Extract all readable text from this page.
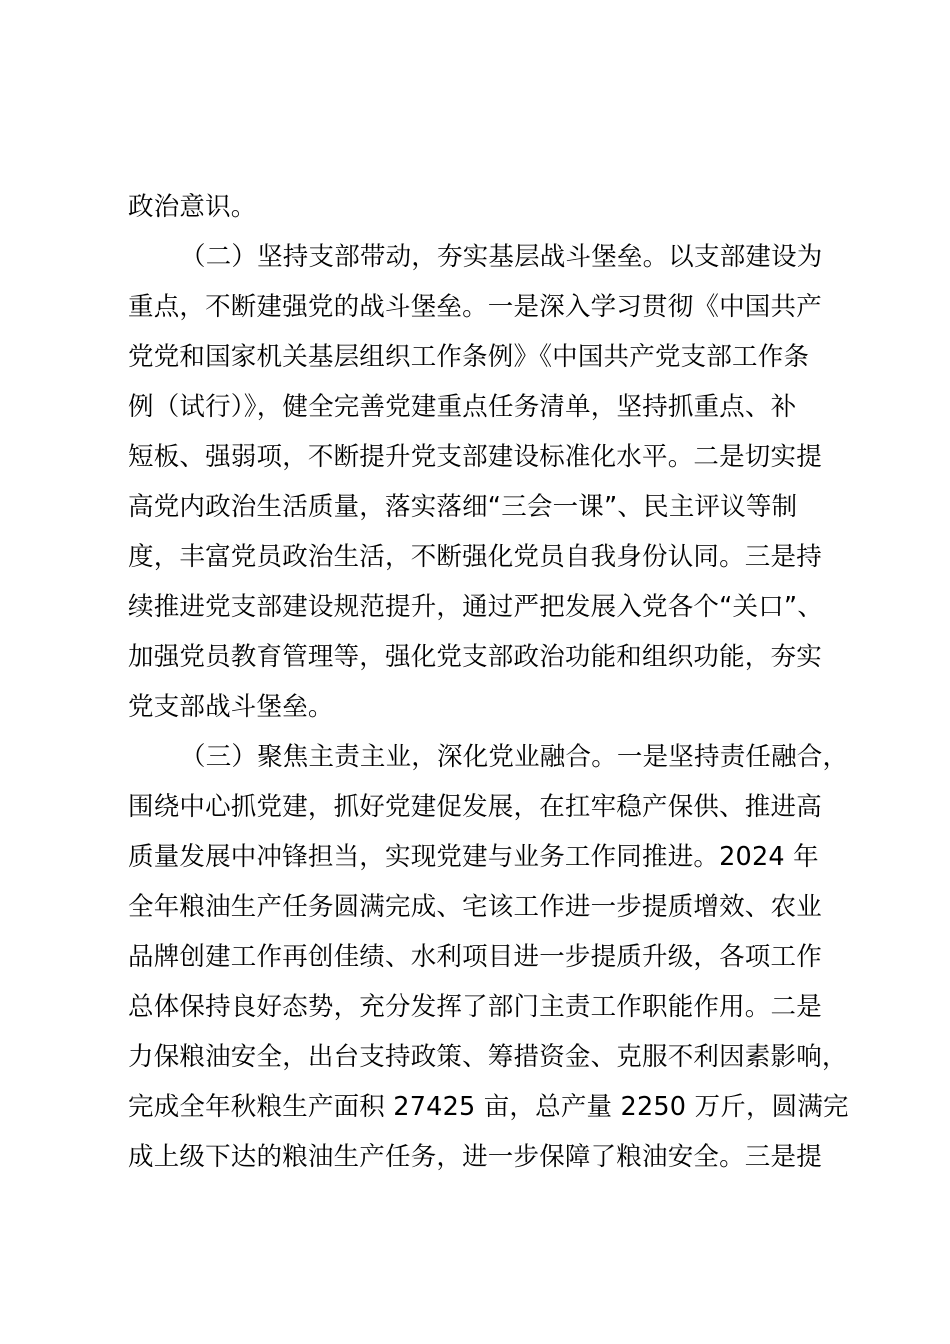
政治意识。
（二）坚持支部带动，夯实基层战斗堡垒。以支部建设为
重点，不断建强党的战斗堡垒。一是深入学习贯彻《中国共产
党党和国家机关基层组织工作条例》《中国共产党支部工作条
例（试行）》，健全完善党建重点任务清单，坚持抓重点、补
短板、强弱项，不断提升党支部建设标准化水平。二是切实提
高党内政治生活质量，落实落细“三会一课”、民主评议等制
度，丰富党员政治生活，不断强化党员自我身份认同。三是持
续推进党支部建设规范提升，通过严把发展入党各个“关口”、
加强党员教育管理等，强化党支部政治功能和组织功能，夯实
党支部战斗堡垒。
（三）聚焦主责主业，深化党业融合。一是坚持责任融合，
围绕中心抓党建，抓好党建促发展，在扛牢稳产保供、推进高
质量发展中冲锋担当，实现党建与业务工作同推进。2024 年
全年粮油生产任务圆满完成、宅该工作进一步提质增效、农业
品牌创建工作再创佳绩、水利项目进一步提质升级，各项工作
总体保持良好态势，充分发挥了部门主责工作职能作用。二是
力保粮油安全，出台支持政策、筹措资金、克服不利因素影响，
完成全年秋粮生产面积 27425 亩，总产量 2250 万斤，圆满完
成上级下达的粮油生产任务，进一步保障了粮油安全。三是提
